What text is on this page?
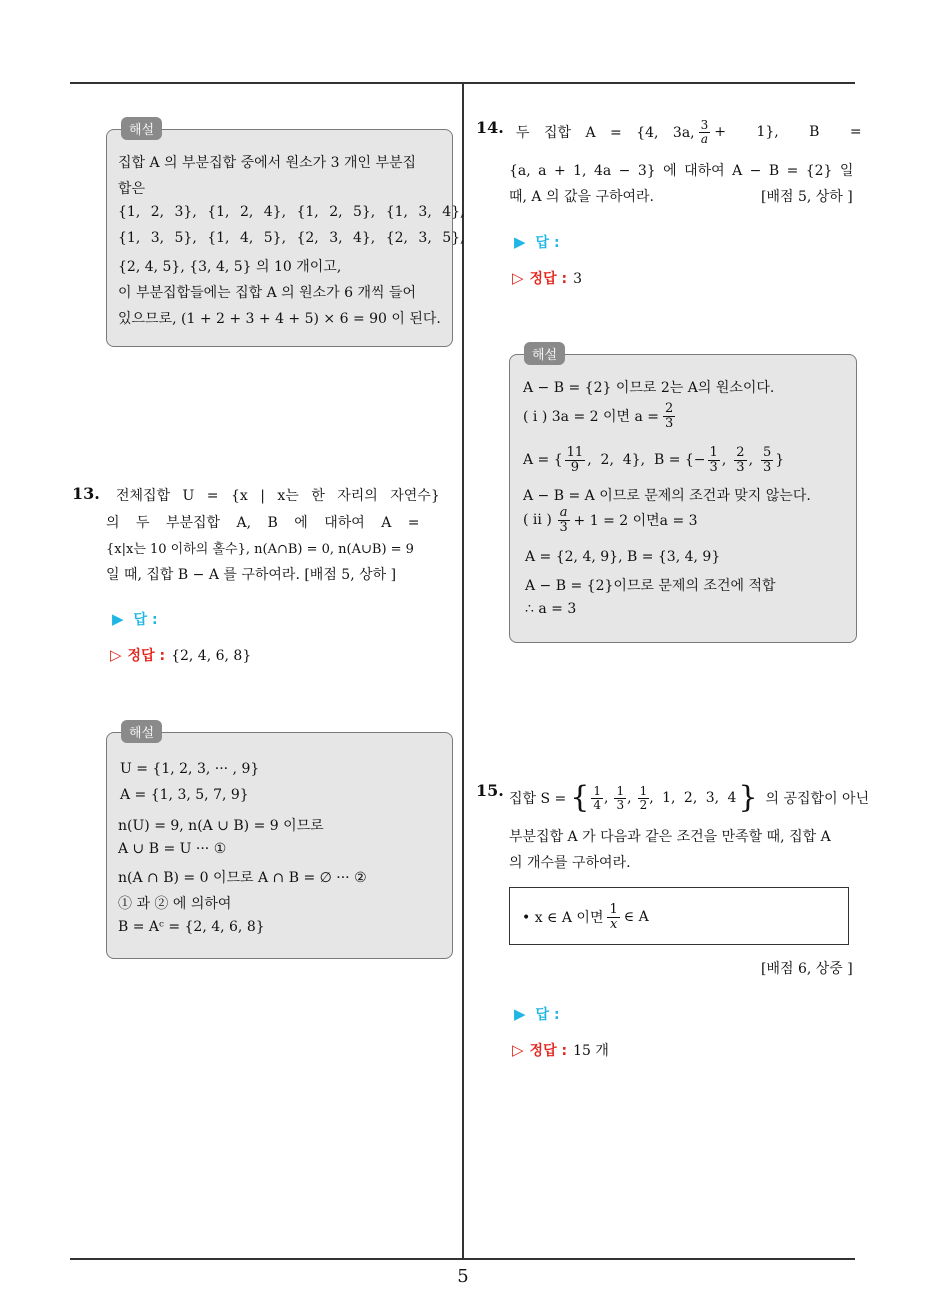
해설
집합 A 의 부분집합 중에서 원소가 3 개인 부분집
합은
{1, 2, 3}, {1, 2, 4}, {1, 2, 5}, {1, 3, 4},
{1, 3, 5}, {1, 4, 5}, {2, 3, 4}, {2, 3, 5},
{2, 4, 5}, {3, 4, 5} 의 10 개이고,
이 부분집합들에는 집합 A 의 원소가 6 개씩 들어
있으므로, (1 + 2 + 3 + 4 + 5) × 6 = 90 이 된다.
13. 전체집합 U = {x | x는 한 자리의 자연수}
의 두 부분집합 A, B 에 대하여 A =
{x|x는 10 이하의 홀수}, n(A∩B) = 0, n(A∪B) = 9
일 때, 집합 B − A 를 구하여라. [배점 5, 상하 ]
▶ 답 :
▷ 정답 : {2, 4, 6, 8}
해설
U = {1, 2, 3, ··· , 9}
A = {1, 3, 5, 7, 9}
n(U) = 9, n(A ∪ B) = 9 이므로
A ∪ B = U ··· ①
n(A ∩ B) = 0 이므로 A ∩ B = ∅ ··· ②
① 과 ② 에 의하여
B = Aᶜ = {2, 4, 6, 8}
14. 두 집합 A = {4, 3a, $\frac{3}{a} + 1$}, B =
{a, a + 1, 4a − 3} 에 대하여 A − B = {2} 일
때, A 의 값을 구하여라.	[배점 5, 상하 ]
▶ 답 :
▷ 정답 : 3
해설
A − B = {2} 이므로 2는 A의 원소이다.
( i ) 3a = 2 이면 $a = \frac{2}{3}$
A = { $\frac{11}{9}$ ,  2,  4},  B = {− $\frac{1}{3}$ , $\frac{2}{3}$ , $\frac{5}{3}$ }
A − B = A 이므로 문제의 조건과 맞지 않는다.
( ii ) $\frac{a}{3} + 1 = 2$ 이면a = 3
A = {2, 4, 9}, B = {3, 4, 9}
A − B = {2}이므로 문제의 조건에 적합
∴ a = 3
15. 집합 S = { $\frac{1}{4}$ , $\frac{1}{3}$ , $\frac{1}{2}$ , 1, 2, 3, 4 } 의 공집합이 아닌
부분집합 A 가 다음과 같은 조건을 만족할 때, 집합 A
의 개수를 구하여라.
• x ∈ A 이면 $\frac{1}{x}$ ∈ A
[배점 6, 상중 ]
▶ 답 :
▷ 정답 : 15 개
5
